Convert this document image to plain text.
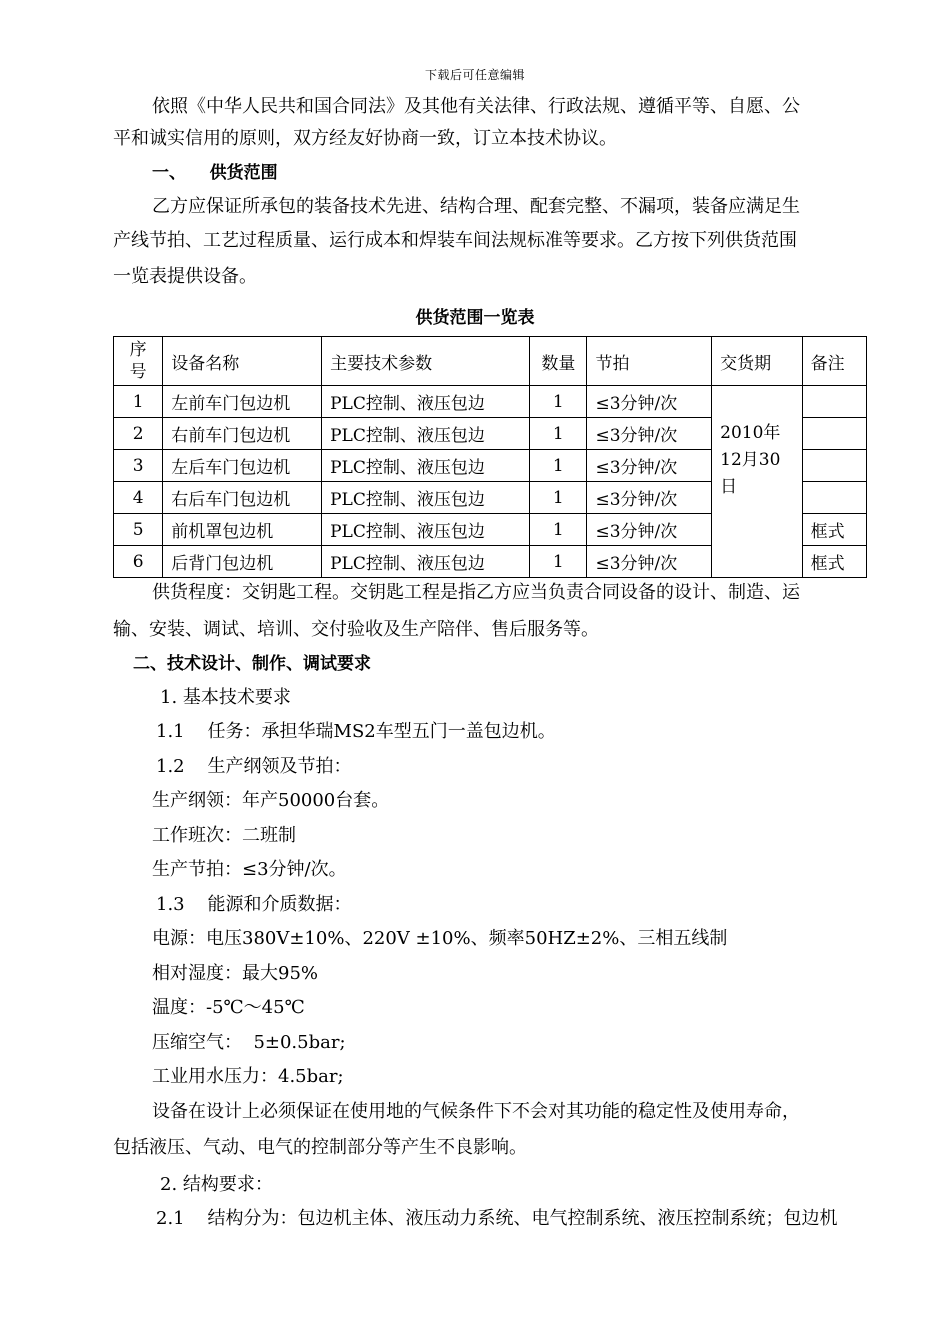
下载后可任意编辑
依照《中华人民共和国合同法》及其他有关法律、行政法规、遵循平等、自愿、公
平和诚实信用的原则，双方经友好协商一致，订立本技术协议。
一、    供货范围
乙方应保证所承包的装备技术先进、结构合理、配套完整、不漏项，装备应满足生
产线节拍、工艺过程质量、运行成本和焊装车间法规标准等要求。乙方按下列供货范围
一览表提供设备。
供货范围一览表
序
号	设备名称	主要技术参数	数量	节拍	交货期	备注
1	左前车门包边机	PLC控制、液压包边	1	≤3分钟/次	2010年12月30日	
2	右前车门包边机	PLC控制、液压包边	1	≤3分钟/次		
3	左后车门包边机	PLC控制、液压包边	1	≤3分钟/次		
4	右后车门包边机	PLC控制、液压包边	1	≤3分钟/次		
5	前机罩包边机	PLC控制、液压包边	1	≤3分钟/次		框式
6	后背门包边机	PLC控制、液压包边	1	≤3分钟/次		框式
供货程度：交钥匙工程。交钥匙工程是指乙方应当负责合同设备的设计、制造、运
输、安装、调试、培训、交付验收及生产陪伴、售后服务等。
二、技术设计、制作、调试要求
1. 基本技术要求
1.1    任务：承担华瑞MS2车型五门一盖包边机。
1.2    生产纲领及节拍：
生产纲领：年产50000台套。
工作班次：二班制
生产节拍：≤3分钟/次。
1.3    能源和介质数据：
电源：电压380V±10%、220V ±10%、频率50HZ±2%、三相五线制
相对湿度：最大95%
温度：-5℃～45℃
压缩空气：  5±0.5bar;
工业用水压力：4.5bar;
设备在设计上必须保证在使用地的气候条件下不会对其功能的稳定性及使用寿命，
包括液压、气动、电气的控制部分等产生不良影响。
2. 结构要求：
2.1    结构分为：包边机主体、液压动力系统、电气控制系统、液压控制系统；包边机
